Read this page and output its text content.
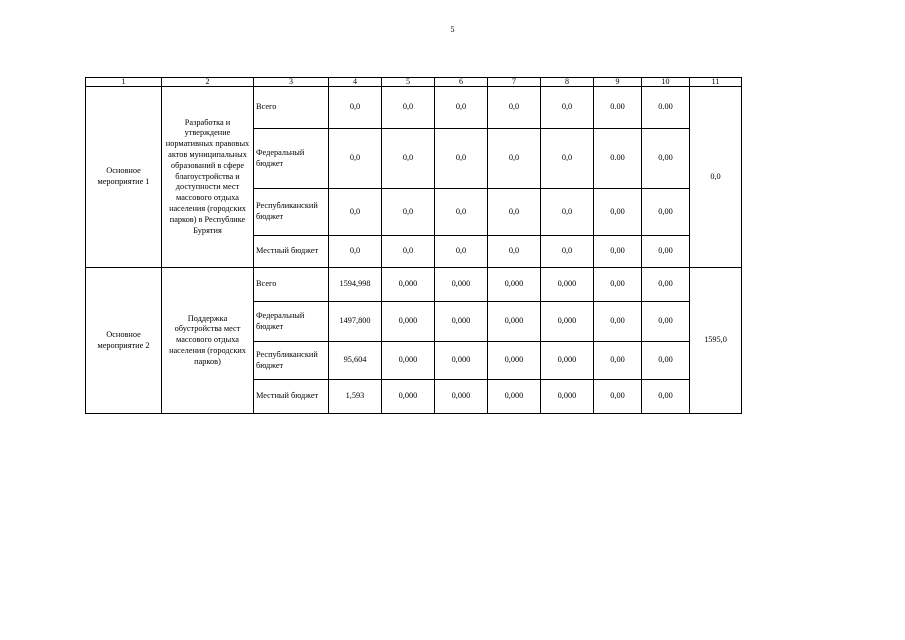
5
1	2	3	4	5	6	7	8	9	10	11
Основное мероприятие 1	Разработка и утверждение нормативных правовых актов муниципальных образований в сфере благоустройства и доступности мест массового отдыха населения (городских парков) в Республике Бурятия	Всего	0,0	0,0	0,0	0,0	0,0	0.00	0.00	0,0
		Федеральный бюджет	0,0	0,0	0,0	0,0	0,0	0.00	0,00	
		Республиканский бюджет	0,0	0,0	0,0	0,0	0,0	0,00	0,00	
		Местный бюджет	0,0	0,0	0,0	0,0	0,0	0,00	0,00	
Основное мероприятие 2	Поддержка обустройства мест массового отдыха населения (городских парков)	Всего	1594,998	0,000	0,000	0,000	0,000	0,00	0,00	1595,0
		Федеральный бюджет	1497,800	0,000	0,000	0,000	0,000	0,00	0,00	
		Республиканский бюджет	95,604	0,000	0,000	0,000	0,000	0,00	0,00	
		Местный бюджет	1,593	0,000	0,000	0,000	0,000	0,00	0,00	
